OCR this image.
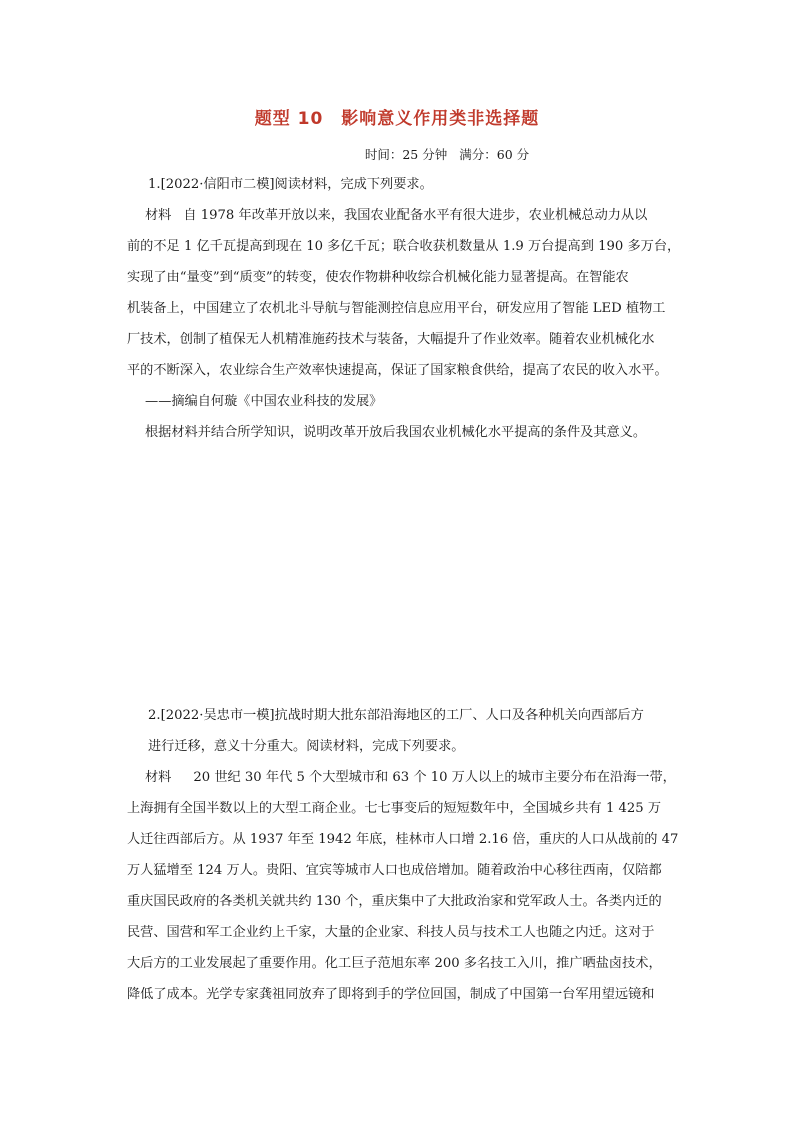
题型 10 影响意义作用类非选择题
时间：25 分钟 满分：60 分
1.[2022·信阳市二模]阅读材料，完成下列要求。
材料 自 1978 年改革开放以来，我国农业配备水平有很大进步，农业机械总动力从以
前的不足 1 亿千瓦提高到现在 10 多亿千瓦；联合收获机数量从 1.9 万台提高到 190 多万台，
实现了由“量变”到“质变”的转变，使农作物耕种收综合机械化能力显著提高。在智能农
机装备上，中国建立了农机北斗导航与智能测控信息应用平台，研发应用了智能 LED 植物工
厂技术，创制了植保无人机精准施药技术与装备，大幅提升了作业效率。随着农业机械化水
平的不断深入，农业综合生产效率快速提高，保证了国家粮食供给，提高了农民的收入水平。
——摘编自何璇《中国农业科技的发展》
根据材料并结合所学知识，说明改革开放后我国农业机械化水平提高的条件及其意义。
2.[2022·吴忠市一模]抗战时期大批东部沿海地区的工厂、人口及各种机关向西部后方
进行迁移，意义十分重大。阅读材料，完成下列要求。
材料 20 世纪 30 年代 5 个大型城市和 63 个 10 万人以上的城市主要分布在沿海一带，
上海拥有全国半数以上的大型工商企业。七七事变后的短短数年中，全国城乡共有 1 425 万
人迁往西部后方。从 1937 年至 1942 年底，桂林市人口增 2.16 倍，重庆的人口从战前的 47
万人猛增至 124 万人。贵阳、宜宾等城市人口也成倍增加。随着政治中心移往西南，仅陪都
重庆国民政府的各类机关就共约 130 个，重庆集中了大批政治家和党军政人士。各类内迁的
民营、国营和军工企业约上千家，大量的企业家、科技人员与技术工人也随之内迁。这对于
大后方的工业发展起了重要作用。化工巨子范旭东率 200 多名技工入川，推广晒盐卤技术，
降低了成本。光学专家龚祖同放弃了即将到手的学位回国，制成了中国第一台军用望远镜和
